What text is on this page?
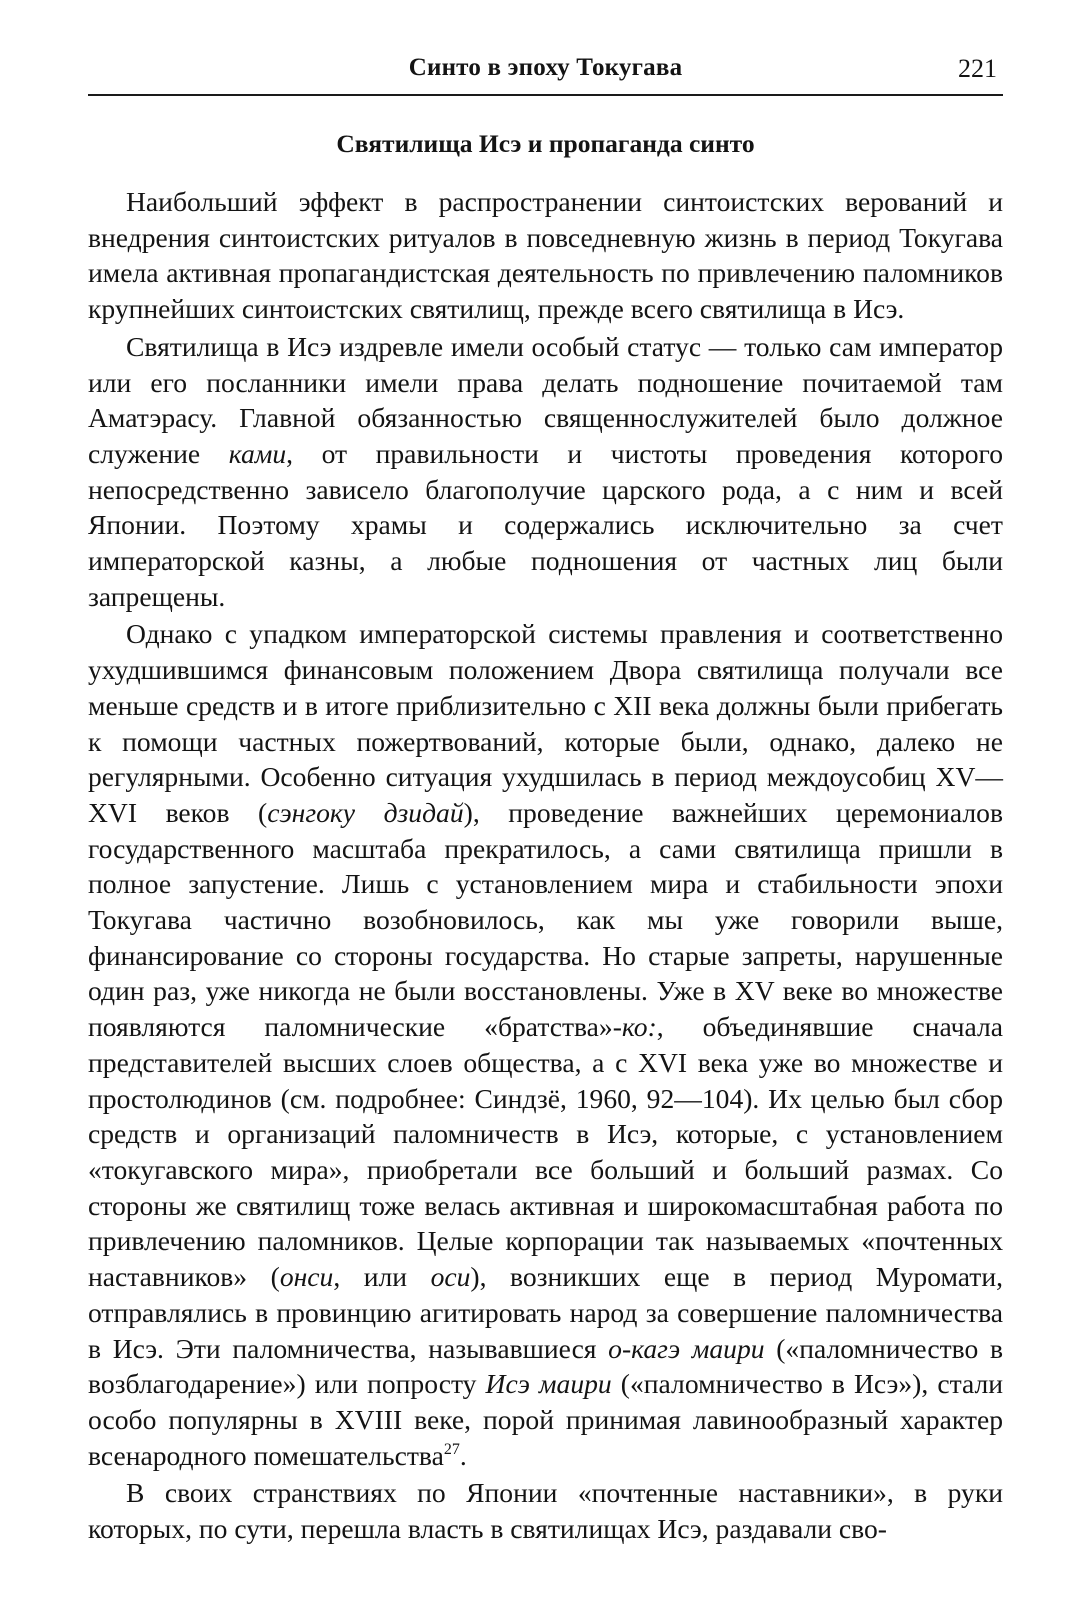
Синто в эпоху Токугава	221
Святилища Исэ и пропаганда синто

Наибольший эффект в распространении синтоистских верований и внедрения синтоистских ритуалов в повседневную жизнь в период Токугава имела активная пропагандистская деятельность по привлечению паломников крупнейших синтоистских святилищ, прежде всего святилища в Исэ.

Святилища в Исэ издревле имели особый статус — только сам император или его посланники имели права делать подношение почитаемой там Аматэрасу. Главной обязанностью священнослужителей было должное служение ками, от правильности и чистоты проведения которого непосредственно зависело благополучие царского рода, а с ним и всей Японии. Поэтому храмы и содержались исключительно за счет императорской казны, а любые подношения от частных лиц были запрещены.

Однако с упадком императорской системы правления и соответственно ухудшившимся финансовым положением Двора святилища получали все меньше средств и в итоге приблизительно с XII века должны были прибегать к помощи частных пожертвований, которые были, однако, далеко не регулярными. Особенно ситуация ухудшилась в период междоусобиц XV—XVI веков (сэнгоку дзидай), проведение важнейших церемониалов государственного масштаба прекратилось, а сами святилища пришли в полное запустение. Лишь с установлением мира и стабильности эпохи Токугава частично возобновилось, как мы уже говорили выше, финансирование со стороны государства. Но старые запреты, нарушенные один раз, уже никогда не были восстановлены. Уже в XV веке во множестве появляются паломнические «братства»-ко:, объединявшие сначала представителей высших слоев общества, а с XVI века уже во множестве и простолюдинов (см. подробнее: Синдзё, 1960, 92—104). Их целью был сбор средств и организаций паломничеств в Исэ, которые, с установлением «токугавского мира», приобретали все больший и больший размах. Со стороны же святилищ тоже велась активная и широкомасштабная работа по привлечению паломников. Целые корпорации так называемых «почтенных наставников» (онси, или оси), возникших еще в период Муромати, отправлялись в провинцию агитировать народ за совершение паломничества в Исэ. Эти паломничества, называвшиеся о-кагэ маири («паломничество в возблагодарение») или попросту Исэ маири («паломничество в Исэ»), стали особо популярны в XVIII веке, порой принимая лавинообразный характер всенародного помешательства$^{27}$.

В своих странствиях по Японии «почтенные наставники», в руки которых, по сути, перешла власть в святилищах Исэ, раздавали сво-
